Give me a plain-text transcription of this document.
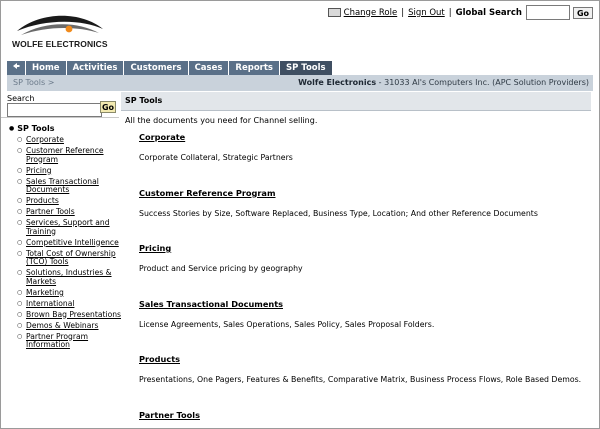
WOLFE ELECTRONICS
Change Role | Sign Out | Global Search	Go
Home	Activities	Customers	Cases	Reports	SP Tools
SP Tools >	Wolfe Electronics - 31033 Al's Computers Inc. (APC Solution Providers)
Search
Go
● SP Tools
○ Corporate
○ Customer Reference Program
○ Pricing
○ Sales Transactional Documents
○ Products
○ Partner Tools
○ Services, Support and Training
○ Competitive Intelligence
○ Total Cost of Ownership (TCO) Tools
○ Solutions, Industries & Markets
○ Marketing
○ International
○ Brown Bag Presentations
○ Demos & Webinars
○ Partner Program Information
SP Tools
All the documents you need for Channel selling.
Corporate
Corporate Collateral, Strategic Partners
Customer Reference Program
Success Stories by Size, Software Replaced, Business Type, Location; And other Reference Documents
Pricing
Product and Service pricing by geography
Sales Transactional Documents
License Agreements, Sales Operations, Sales Policy, Sales Proposal Folders.
Products
Presentations, One Pagers, Features & Benefits, Comparative Matrix, Business Process Flows, Role Based Demos.
Partner Tools
